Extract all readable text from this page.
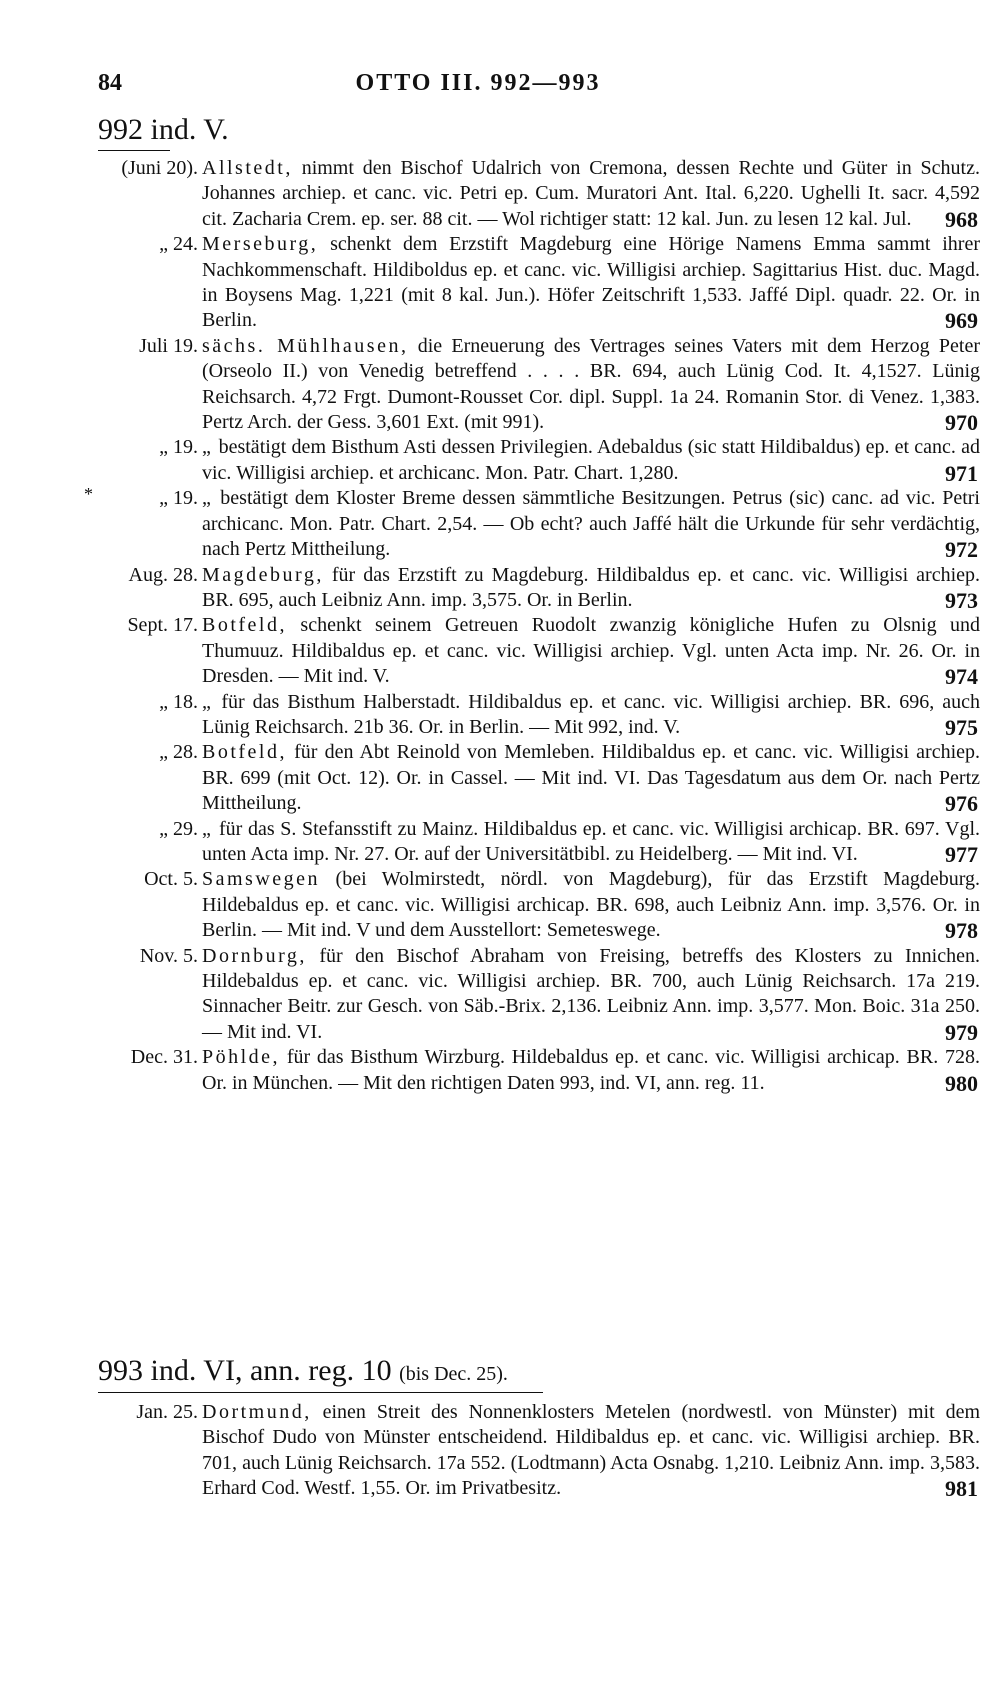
84	OTTO III. 992—993
992 ind. V.
(Juni 20). Allstedt, nimmt den Bischof Udalrich von Cremona, dessen Rechte und Güter in Schutz. Johannes archiep. et canc. vic. Petri ep. Cum. Muratori Ant. Ital. 6,220. Ughelli It. sacr. 4,592 cit. Zacharia Crem. ep. ser. 88 cit. — Wol richtiger statt: 12 kal. Jun. zu lesen 12 kal. Jul.	968
„ 24. Merseburg, schenkt dem Erzstift Magdeburg eine Hörige Namens Emma sammt ihrer Nachkommenschaft. Hildiboldus ep. et canc. vic. Willigisi archiep. Sagittarius Hist. duc. Magd. in Boysens Mag. 1,221 (mit 8 kal. Jun.). Höfer Zeitschrift 1,533. Jaffé Dipl. quadr. 22. Or. in Berlin.	969
Juli 19. sächs. Mühlhausen, die Erneuerung des Vertrages seines Vaters mit dem Herzog Peter (Orseolo II.) von Venedig betreffend . . . . BR. 694, auch Lünig Cod. It. 4,1527. Lünig Reichsarch. 4,72 Frgt. Dumont-Rousset Cor. dipl. Suppl. 1a 24. Romanin Stor. di Venez. 1,383. Pertz Arch. der Gess. 3,601 Ext. (mit 991).	970
„ 19. „ bestätigt dem Bisthum Asti dessen Privilegien. Adebaldus (sic statt Hildibaldus) ep. et canc. ad vic. Willigisi archiep. et archicanc. Mon. Patr. Chart. 1,280.	971
*	„ 19. „ bestätigt dem Kloster Breme dessen sämmtliche Besitzungen. Petrus (sic) canc. ad vic. Petri archicanc. Mon. Patr. Chart. 2,54. — Ob echt? auch Jaffé hält die Urkunde für sehr verdächtig, nach Pertz Mittheilung.	972
Aug. 28. Magdeburg, für das Erzstift zu Magdeburg. Hildibaldus ep. et canc. vic. Willigisi archiep. BR. 695, auch Leibniz Ann. imp. 3,575. Or. in Berlin.	973
Sept. 17. Botfeld, schenkt seinem Getreuen Ruodolt zwanzig königliche Hufen zu Olsnig und Thumuuz. Hildibaldus ep. et canc. vic. Willigisi archiep. Vgl. unten Acta imp. Nr. 26. Or. in Dresden. — Mit ind. V.	974
„ 18. „ für das Bisthum Halberstadt. Hildibaldus ep. et canc. vic. Willigisi archiep. BR. 696, auch Lünig Reichsarch. 21b 36. Or. in Berlin. — Mit 992, ind. V.	975
„ 28. Botfeld, für den Abt Reinold von Memleben. Hildibaldus ep. et canc. vic. Willigisi archiep. BR. 699 (mit Oct. 12). Or. in Cassel. — Mit ind. VI. Das Tagesdatum aus dem Or. nach Pertz Mittheilung.	976
„ 29. „ für das S. Stefansstift zu Mainz. Hildibaldus ep. et canc. vic. Willigisi archicap. BR. 697. Vgl. unten Acta imp. Nr. 27. Or. auf der Universitätbibl. zu Heidelberg. — Mit ind. VI.	977
Oct. 5. Samswegen (bei Wolmirstedt, nördl. von Magdeburg), für das Erzstift Magdeburg. Hildebaldus ep. et canc. vic. Willigisi archicap. BR. 698, auch Leibniz Ann. imp. 3,576. Or. in Berlin. — Mit ind. V und dem Ausstellort: Semeteswege.	978
Nov. 5. Dornburg, für den Bischof Abraham von Freising, betreffs des Klosters zu Innichen. Hildebaldus ep. et canc. vic. Willigisi archiep. BR. 700, auch Lünig Reichsarch. 17a 219. Sinnacher Beitr. zur Gesch. von Säb.-Brix. 2,136. Leibniz Ann. imp. 3,577. Mon. Boic. 31a 250. — Mit ind. VI.	979
Dec. 31. Pöhlde, für das Bisthum Wirzburg. Hildebaldus ep. et canc. vic. Willigisi archicap. BR. 728. Or. in München. — Mit den richtigen Daten 993, ind. VI, ann. reg. 11.	980
993 ind. VI, ann. reg. 10 (bis Dec. 25).
Jan. 25. Dortmund, einen Streit des Nonnenklosters Metelen (nordwestl. von Münster) mit dem Bischof Dudo von Münster entscheidend. Hildibaldus ep. et canc. vic. Willigisi archiep. BR. 701, auch Lünig Reichsarch. 17a 552. (Lodtmann) Acta Osnabg. 1,210. Leibniz Ann. imp. 3,583. Erhard Cod. Westf. 1,55. Or. im Privatbesitz.	981
